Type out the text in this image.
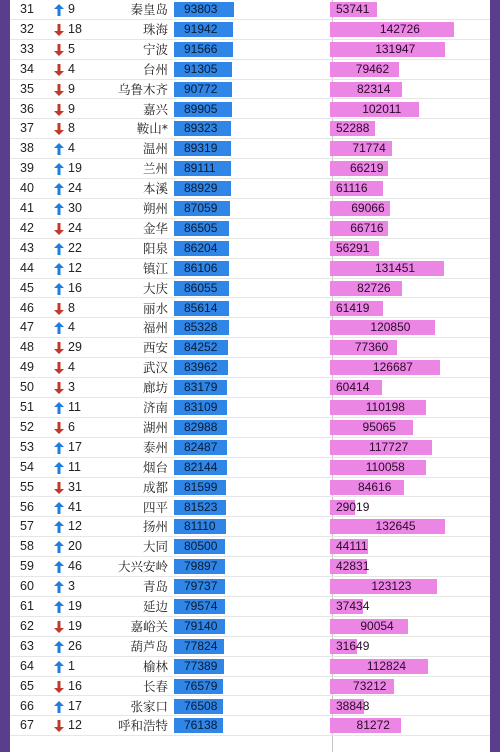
31	9	秦皇岛	93803	53741
32	18	珠海	91942	142726
33	5	宁波	91566	131947
34	4	台州	91305	79462
35	9	乌鲁木齐	90772	82314
36	9	嘉兴	89905	102011
37	8	鞍山*	89323	52288
38	4	温州	89319	71774
39	19	兰州	89111	66219
40	24	本溪	88929	61116
41	30	朔州	87059	69066
42	24	金华	86505	66716
43	22	阳泉	86204	56291
44	12	镇江	86106	131451
45	16	大庆	86055	82726
46	8	丽水	85614	61419
47	4	福州	85328	120850
48	29	西安	84252	77360
49	4	武汉	83962	126687
50	3	廊坊	83179	60414
51	11	济南	83109	110198
52	6	湖州	82988	95065
53	17	泰州	82487	117727
54	11	烟台	82144	110058
55	31	成都	81599	84616
56	41	四平	81523	29019
57	12	扬州	81110	132645
58	20	大同	80500	44111
59	46	大兴安岭	79897	42831
60	3	青岛	79737	123123
61	19	延边	79574	37434
62	19	嘉峪关	79140	90054
63	26	葫芦岛	77824	31649
64	1	榆林	77389	112824
65	16	长春	76579	73212
66	17	张家口	76508	38848
67	12	呼和浩特	76138	81272
